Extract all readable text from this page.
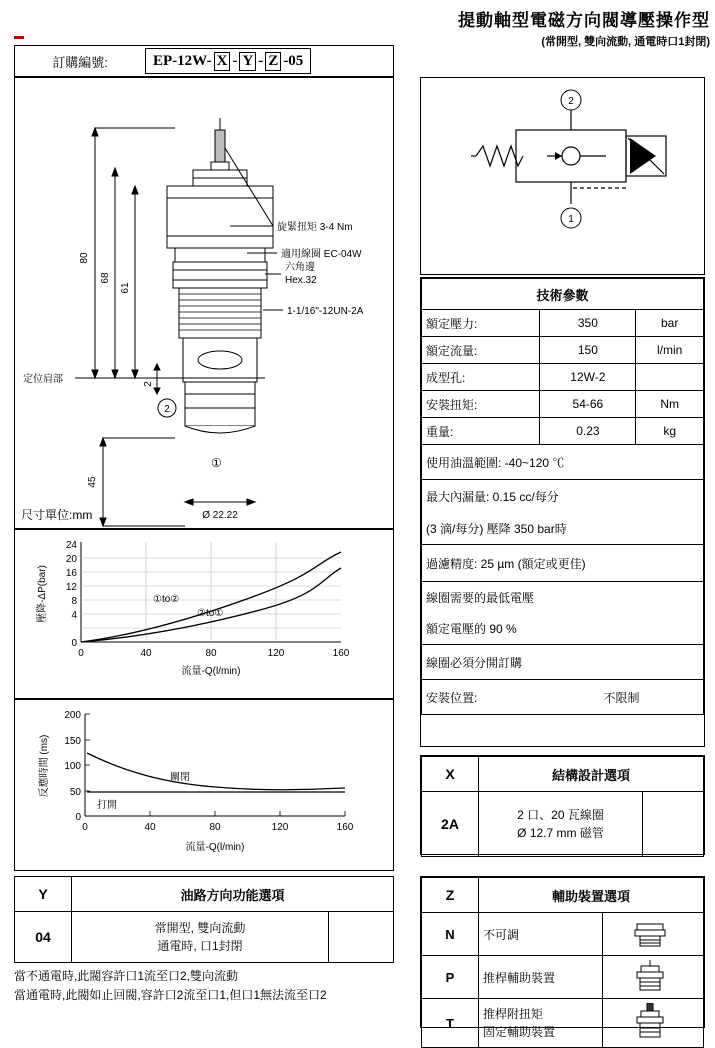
提動軸型電磁方向閥導壓操作型
(常開型, 雙向流動, 通電時口1封閉)
訂購編號:	EP-12W- X - Y - Z -05
80
68
61
45
2
Ø 22.22
旋緊扭矩 3-4 Nm
適用線圈 EC-04W
六角邊
Hex.32
1-1/16"-12UN-2A
定位肩部
2
①
尺寸單位:mm
24
20
16
12
8
4
0
0	40	80	120	160
①to②
②to①
壓降-ΔP(bar)
流量-Q(l/min)
200
150
100
50
0
0	40	80	120	160
關閉
打開
反應時間 (ms)
流量-Q(l/min)
2
1
技術參數		
額定壓力:	350	bar
額定流量:	150	l/min
成型孔:	12W-2	
安裝扭矩:	54-66	Nm
重量:	0.23	kg
使用油溫範圍: -40~120 ℃		
最大內漏量: 0.15 cc/每分		
(3 滴/每分) 壓降 350 bar時		
過濾精度: 25 µm (額定或更佳)		
線圈需要的最低電壓		
額定電壓的 90 %		
線圈必須分開訂購		
安裝位置:	不限制	
X	結構設計選項	
2A	2 口、20 瓦線圈
Ø 12.7 mm 磁管	

Y	油路方向功能選項	
04	常開型, 雙向流動
通電時, 口1封閉	

當不通電時,此閥容許口1流至口2,雙向流動
當通電時,此閥如止回閥,容許口2流至口1,但口1無法流至口2
Z	輔助裝置選項	
N	不可調	

P	推桿輔助裝置	

T	推桿附扭矩
固定輔助裝置
